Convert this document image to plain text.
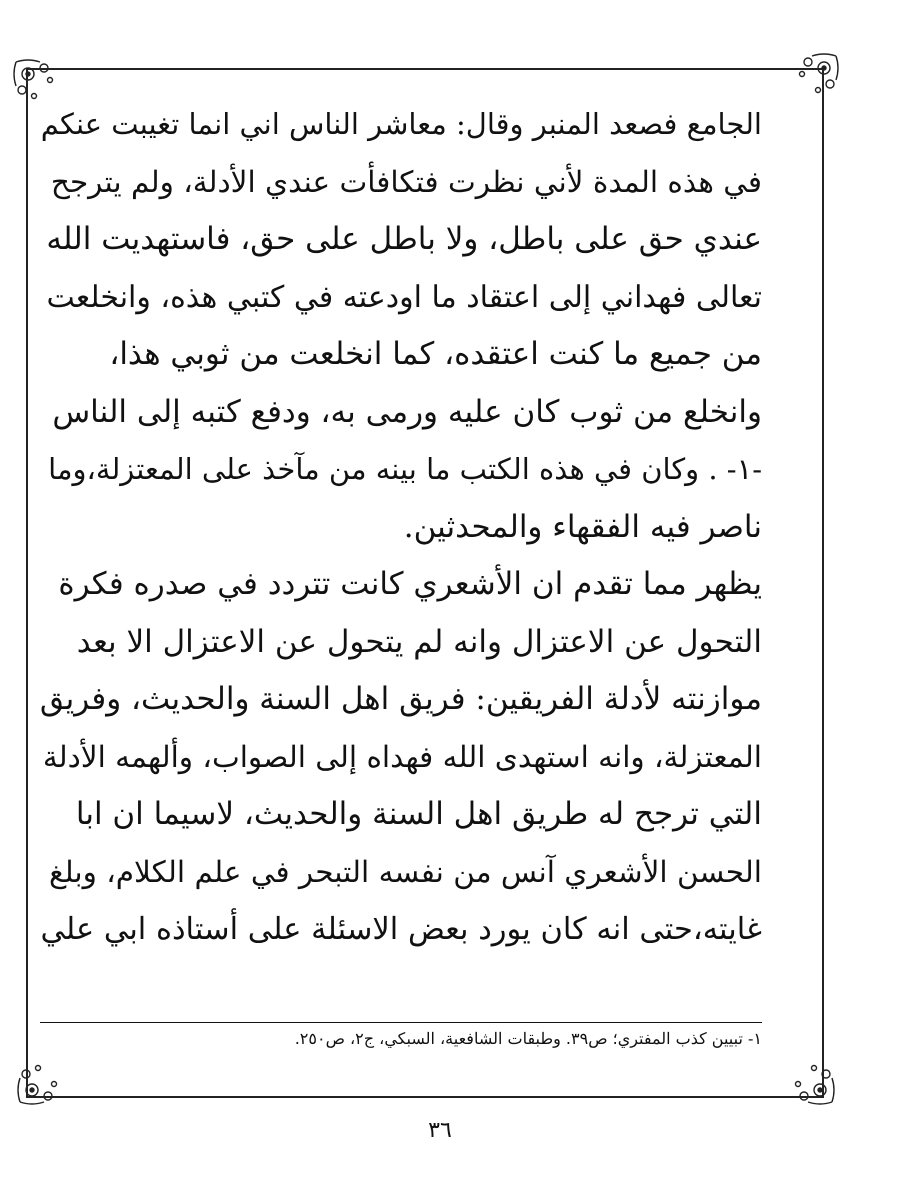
الجامع فصعد المنبر وقال: معاشر الناس اني انما تغيبت عنكم
في هذه المدة لأني نظرت فتكافأت عندي الأدلة، ولم يترجح
عندي حق على باطل، ولا باطل على حق، فاستهديت الله
تعالى فهداني إلى اعتقاد ما اودعته في كتبي هذه، وانخلعت
من جميع ما كنت اعتقده، كما انخلعت من ثوبي هذا،
وانخلع من ثوب كان عليه ورمى به، ودفع كتبه إلى الناس
-١- . وكان في هذه الكتب ما بينه من مآخذ على المعتزلة،وما
ناصر فيه الفقهاء والمحدثين.
يظهر مما تقدم ان الأشعري كانت تتردد في صدره فكرة
التحول عن الاعتزال وانه لم يتحول عن الاعتزال الا بعد
موازنته لأدلة الفريقين: فريق اهل السنة والحديث، وفريق
المعتزلة، وانه استهدى الله فهداه إلى الصواب، وألهمه الأدلة
التي ترجح له طريق اهل السنة والحديث، لاسيما ان ابا
الحسن الأشعري آنس من نفسه التبحر في علم الكلام، وبلغ
غايته،حتى انه كان يورد بعض الاسئلة على أستاذه ابي علي
١- تبيين كذب المفتري؛ ص٣٩. وطبقات الشافعية، السبكي، ج٢، ص٢٥٠.
٣٦
